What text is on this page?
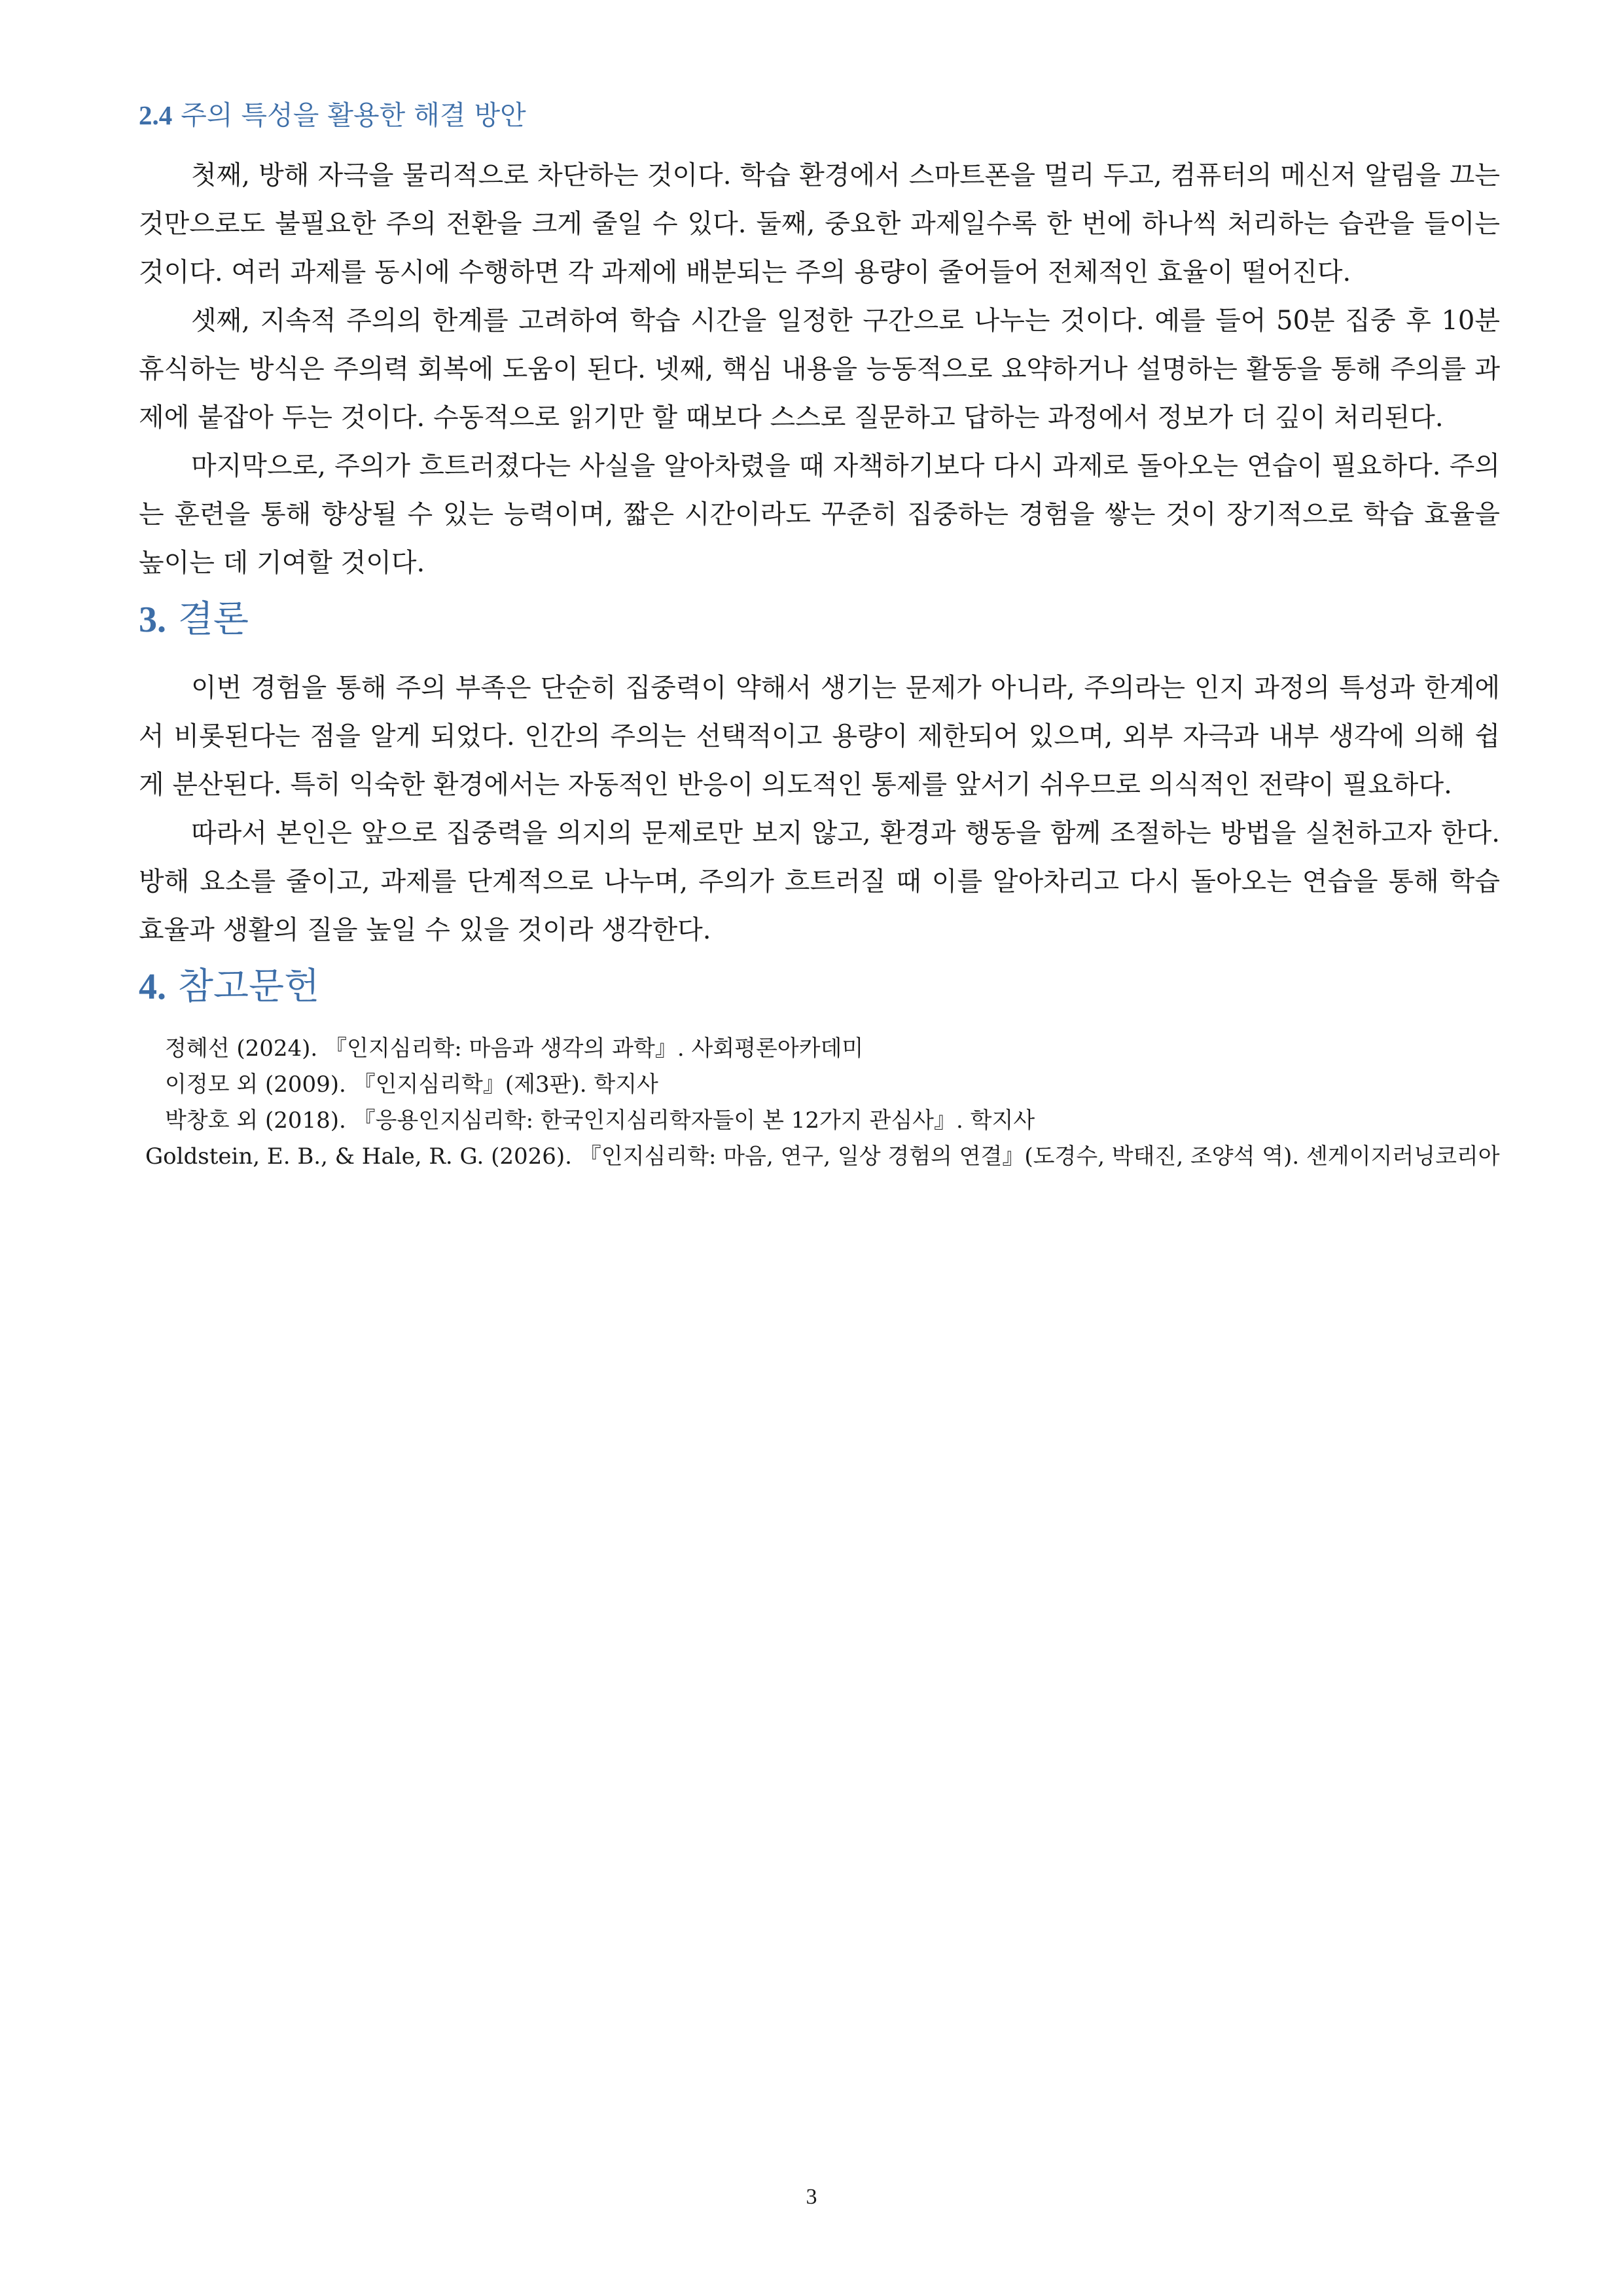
2.4 주의 특성을 활용한 해결 방안

첫째, 방해 자극을 물리적으로 차단하는 것이다. 학습 환경에서 스마트폰을 멀리 두고, 컴퓨터의 메신저 알림을 끄는 것만으로도 불필요한 주의 전환을 크게 줄일 수 있다. 둘째, 중요한 과제일수록 한 번에 하나씩 처리하는 습관을 들이는 것이다. 여러 과제를 동시에 수행하면 각 과제에 배분되는 주의 용량이 줄어들어 전체적인 효율이 떨어진다.

셋째, 지속적 주의의 한계를 고려하여 학습 시간을 일정한 구간으로 나누는 것이다. 예를 들어 50분 집중 후 10분 휴식하는 방식은 주의력 회복에 도움이 된다. 넷째, 핵심 내용을 능동적으로 요약하거나 설명하는 활동을 통해 주의를 과제에 붙잡아 두는 것이다. 수동적으로 읽기만 할 때보다 스스로 질문하고 답하는 과정에서 정보가 더 깊이 처리된다.

마지막으로, 주의가 흐트러졌다는 사실을 알아차렸을 때 자책하기보다 다시 과제로 돌아오는 연습이 필요하다. 주의는 훈련을 통해 향상될 수 있는 능력이며, 짧은 시간이라도 꾸준히 집중하는 경험을 쌓는 것이 장기적으로 학습 효율을 높이는 데 기여할 것이다.

3. 결론

이번 경험을 통해 주의 부족은 단순히 집중력이 약해서 생기는 문제가 아니라, 주의라는 인지 과정의 특성과 한계에서 비롯된다는 점을 알게 되었다. 인간의 주의는 선택적이고 용량이 제한되어 있으며, 외부 자극과 내부 생각에 의해 쉽게 분산된다. 특히 익숙한 환경에서는 자동적인 반응이 의도적인 통제를 앞서기 쉬우므로 의식적인 전략이 필요하다.

따라서 본인은 앞으로 집중력을 의지의 문제로만 보지 않고, 환경과 행동을 함께 조절하는 방법을 실천하고자 한다. 방해 요소를 줄이고, 과제를 단계적으로 나누며, 주의가 흐트러질 때 이를 알아차리고 다시 돌아오는 연습을 통해 학습 효율과 생활의 질을 높일 수 있을 것이라 생각한다.

4. 참고문헌

정혜선 (2024). 『인지심리학: 마음과 생각의 과학』. 사회평론아카데미

이정모 외 (2009). 『인지심리학』(제3판). 학지사

박창호 외 (2018). 『응용인지심리학: 한국인지심리학자들이 본 12가지 관심사』. 학지사

Goldstein, E. B., & Hale, R. G. (2026). 『인지심리학: 마음, 연구, 일상 경험의 연결』(도경수, 박태진, 조양석 역). 센게이지러닝코리아

3
